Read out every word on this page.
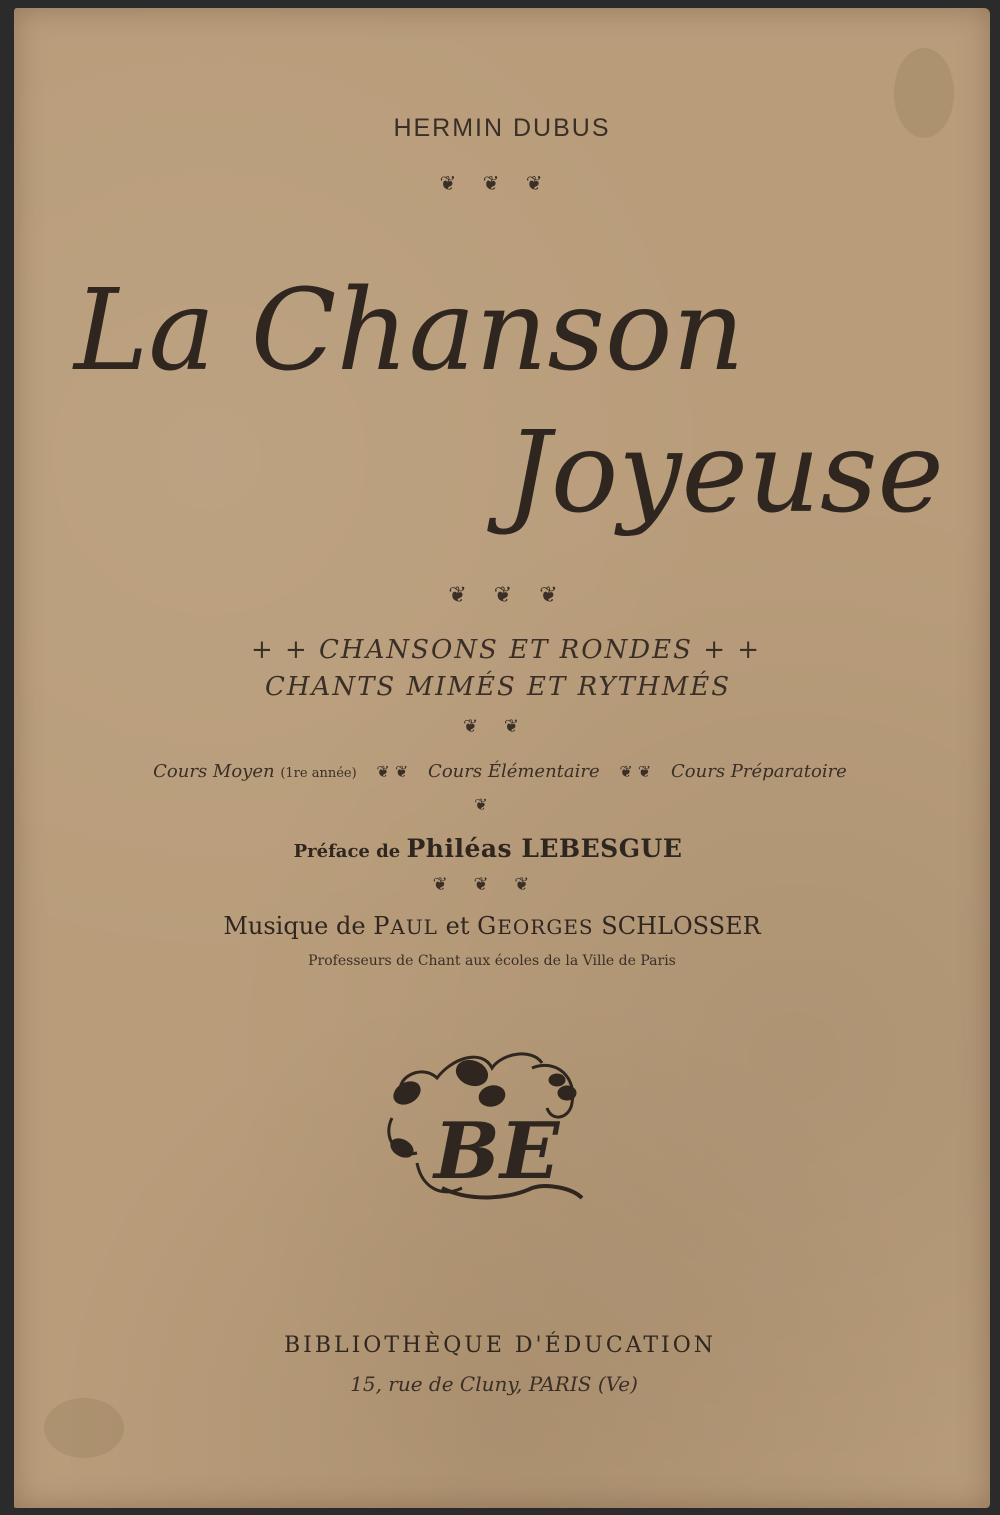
HERMIN DUBUS
❦ ❦ ❦
La Chanson
Joyeuse
❦ ❦ ❦
+ + CHANSONS ET RONDES + +
CHANTS MIMÉS ET RYTHMÉS
❦ ❦
Cours Moyen (1re année) ❦ ❦ Cours Élémentaire ❦ ❦ Cours Préparatoire
❦
Préface de Philéas LEBESGUE
❦ ❦ ❦
Musique de PAUL et GEORGES SCHLOSSER
Professeurs de Chant aux écoles de la Ville de Paris
BE
BIBLIOTHÈQUE D'ÉDUCATION
15, rue de Cluny, PARIS (Ve)
